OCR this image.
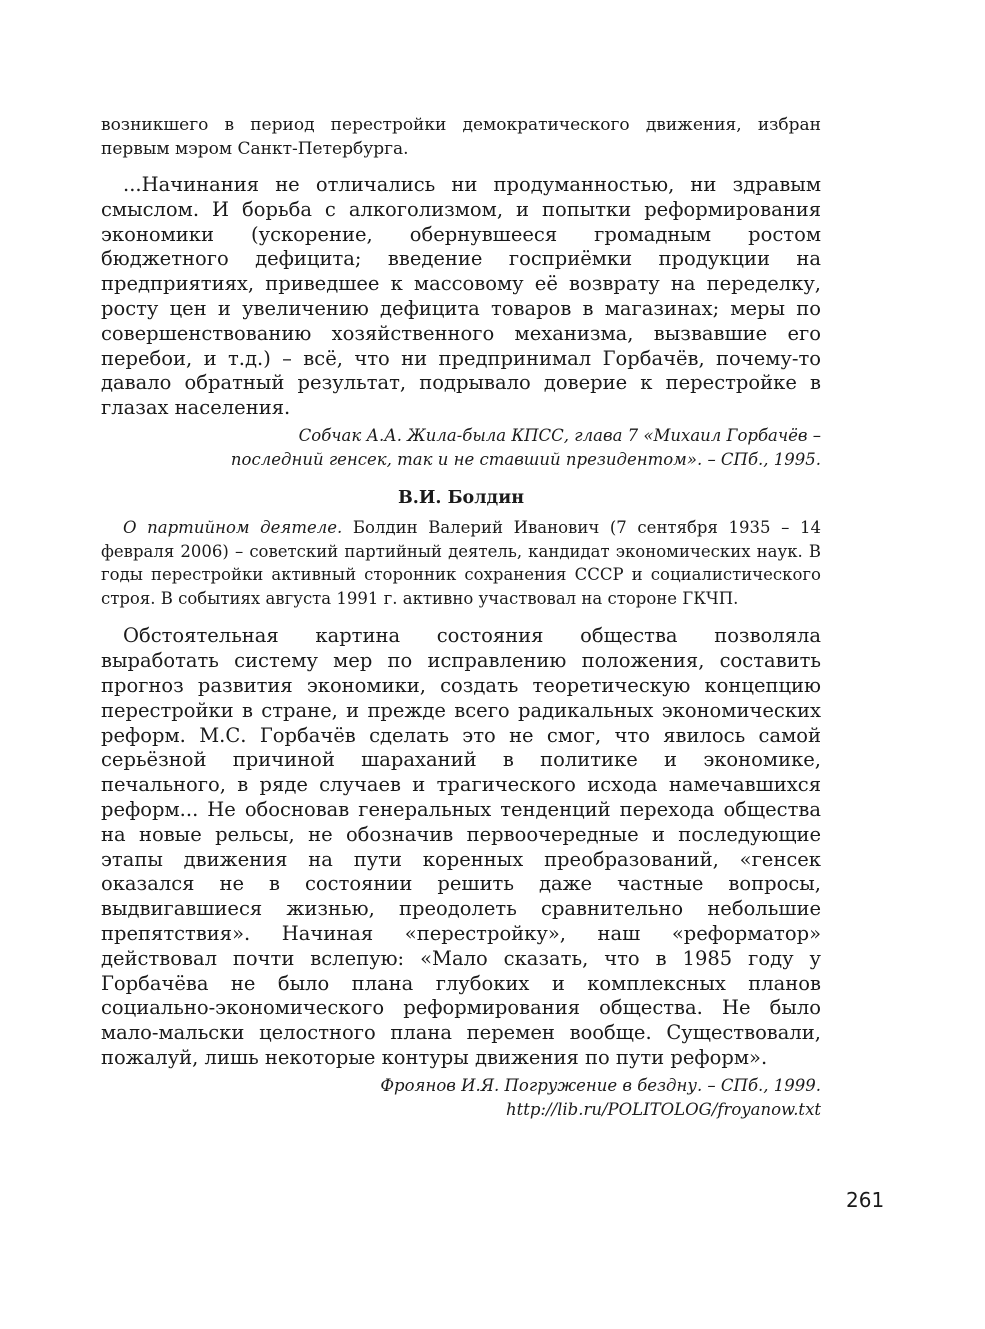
возникшего в период перестройки демократического движения, избран первым мэром Санкт-Петербурга.

...Начинания не отличались ни продуманностью, ни здравым смыслом. И борьба с алкоголизмом, и попытки реформирования экономики (ускорение, обернувшееся громадным ростом бюджетного дефицита; введение госприёмки продукции на предприятиях, приведшее к массовому её возврату на переделку, росту цен и увеличению дефицита товаров в магазинах; меры по совершенствованию хозяйственного механизма, вызвавшие его перебои, и т.д.) – всё, что ни предпринимал Горбачёв, почему-то давало обратный результат, подрывало доверие к перестройке в глазах населения.

Собчак А.А. Жила-была КПСС, глава 7 «Михаил Горбачёв –
последний генсек, так и не ставший президентом». – СПб., 1995.
В.И. Болдин

О партийном деятеле. Болдин Валерий Иванович (7 сентября 1935 – 14 февраля 2006) – советский партийный деятель, кандидат экономических наук. В годы перестройки активный сторонник сохранения СССР и социалистического строя. В событиях августа 1991 г. активно участвовал на стороне ГКЧП.

Обстоятельная картина состояния общества позволяла выработать систему мер по исправлению положения, составить прогноз развития экономики, создать теоретическую концепцию перестройки в стране, и прежде всего радикальных экономических реформ. М.С. Горбачёв сделать это не смог, что явилось самой серьёзной причиной шараханий в политике и экономике, печального, в ряде случаев и трагического исхода намечавшихся реформ... Не обосновав генеральных тенденций перехода общества на новые рельсы, не обозначив первоочередные и последующие этапы движения на пути коренных преобразований, «генсек оказался не в состоянии решить даже частные вопросы, выдвигавшиеся жизнью, преодолеть сравнительно небольшие препятствия». Начиная «перестройку», наш «реформатор» действовал почти вслепую: «Мало сказать, что в 1985 году у Горбачёва не было плана глубоких и комплексных планов социально-экономического реформирования общества. Не было мало-мальски целостного плана перемен вообще. Существовали, пожалуй, лишь некоторые контуры движения по пути реформ».

Фроянов И.Я. Погружение в бездну. – СПб., 1999.
http://lib.ru/POLITOLOG/froyanow.txt
261
